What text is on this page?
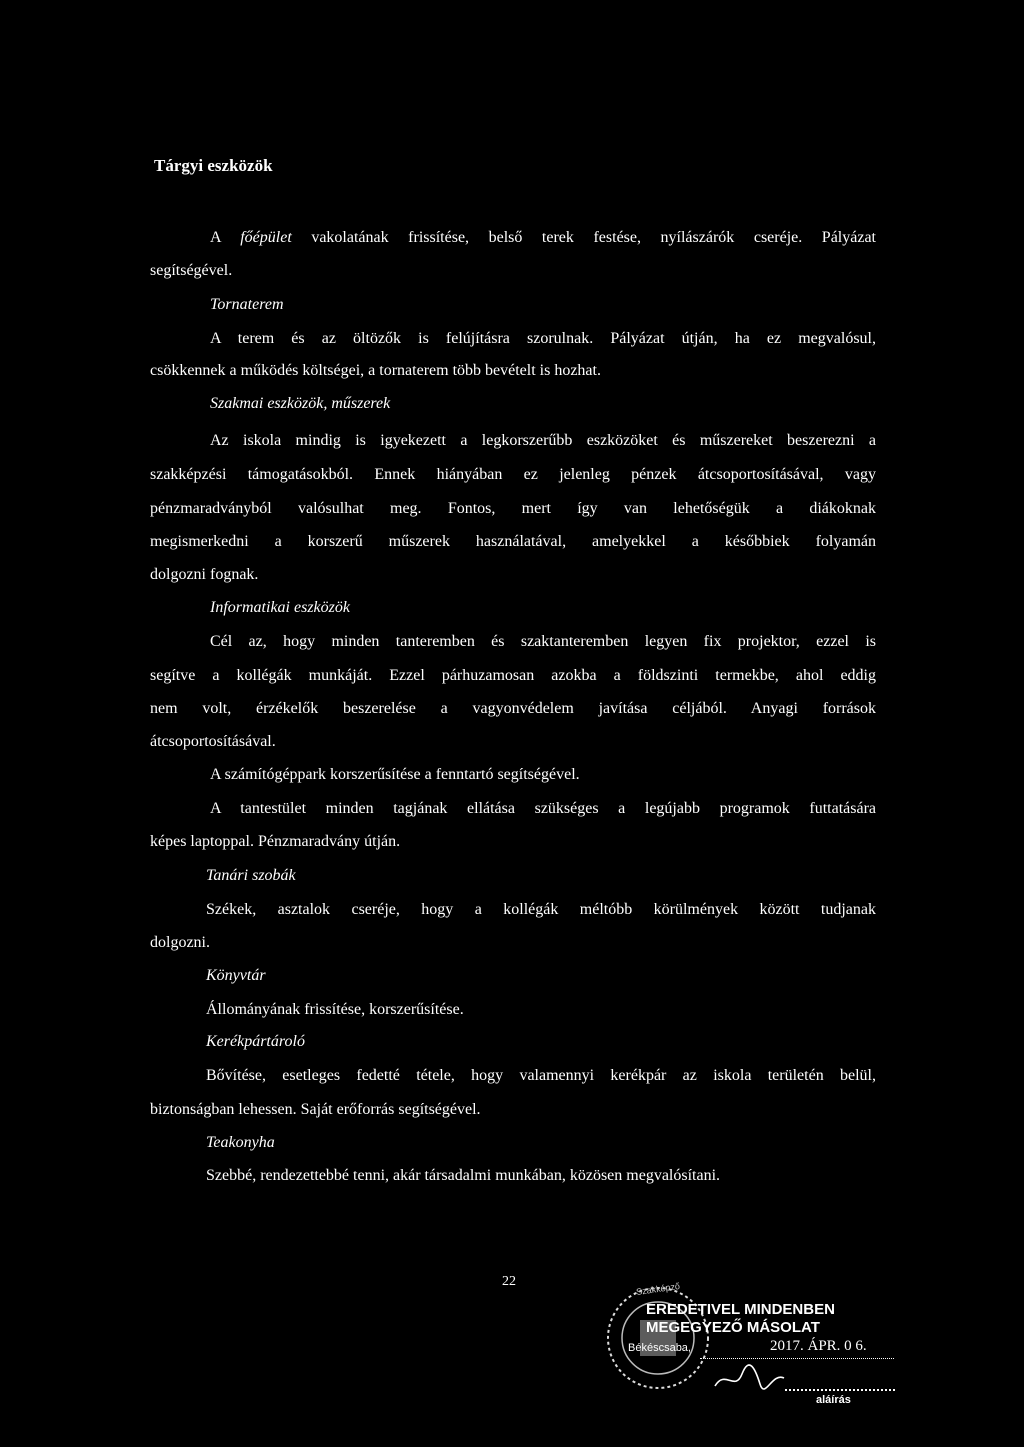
Tárgyi eszközök
A főépület vakolatának frissítése, belső terek festése, nyílászárók cseréje. Pályázat
segítségével.
Tornaterem
A terem és az öltözők is felújításra szorulnak. Pályázat útján, ha ez megvalósul,
csökkennek a működés költségei, a tornaterem több bevételt is hozhat.
Szakmai eszközök, műszerek
Az iskola mindig is igyekezett a legkorszerűbb eszközöket és műszereket beszerezni a
szakképzési támogatásokból. Ennek hiányában ez jelenleg pénzek átcsoportosításával, vagy
pénzmaradványból valósulhat meg. Fontos, mert így van lehetőségük a diákoknak
megismerkedni a korszerű műszerek használatával, amelyekkel a későbbiek folyamán
dolgozni fognak.
Informatikai eszközök
Cél az, hogy minden tanteremben és szaktanteremben legyen fix projektor, ezzel is
segítve a kollégák munkáját. Ezzel párhuzamosan azokba a földszinti termekbe, ahol eddig
nem volt, érzékelők beszerelése a vagyonvédelem javítása céljából. Anyagi források
átcsoportosításával.
A számítógéppark korszerűsítése a fenntartó segítségével.
A tantestület minden tagjának ellátása szükséges a legújabb programok futtatására
képes laptoppal. Pénzmaradvány útján.
Tanári szobák
Székek, asztalok cseréje, hogy a kollégák méltóbb körülmények között tudjanak
dolgozni.
Könyvtár
Állományának frissítése, korszerűsítése.
Kerékpártároló
Bővítése, esetleges fedetté tétele, hogy valamennyi kerékpár az iskola területén belül,
biztonságban lehessen. Saját erőforrás segítségével.
Teakonyha
Szebbé, rendezettebbé tenni, akár társadalmi munkában, közösen megvalósítani.
22	Szakképző
EREDETIVEL MINDENBEN
MEGEGYEZŐ MÁSOLAT
Békéscsaba,	2017. ÁPR. 0 6.
aláírás
